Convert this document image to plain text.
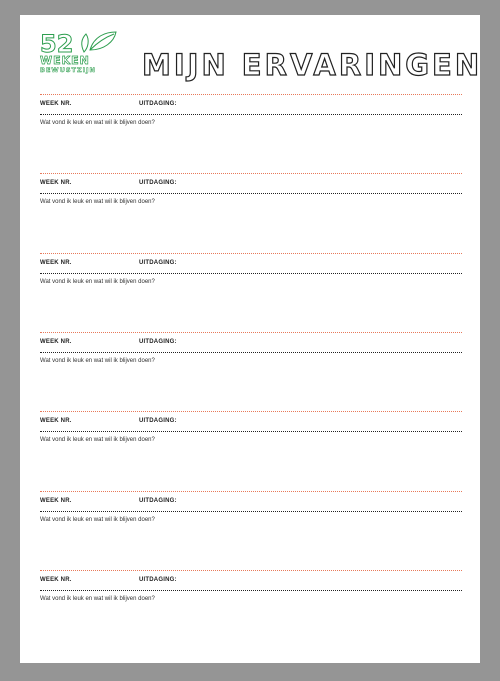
52
WEKEN
BEWUSTZIJN MIJN ERVARINGEN
WEEK NR.	UITDAGING:
Wat vond ik leuk en wat wil ik blijven doen?
WEEK NR.	UITDAGING:
Wat vond ik leuk en wat wil ik blijven doen?
WEEK NR.	UITDAGING:
Wat vond ik leuk en wat wil ik blijven doen?
WEEK NR.	UITDAGING:
Wat vond ik leuk en wat wil ik blijven doen?
WEEK NR.	UITDAGING:
Wat vond ik leuk en wat wil ik blijven doen?
WEEK NR.	UITDAGING:
Wat vond ik leuk en wat wil ik blijven doen?
WEEK NR.	UITDAGING:
Wat vond ik leuk en wat wil ik blijven doen?
